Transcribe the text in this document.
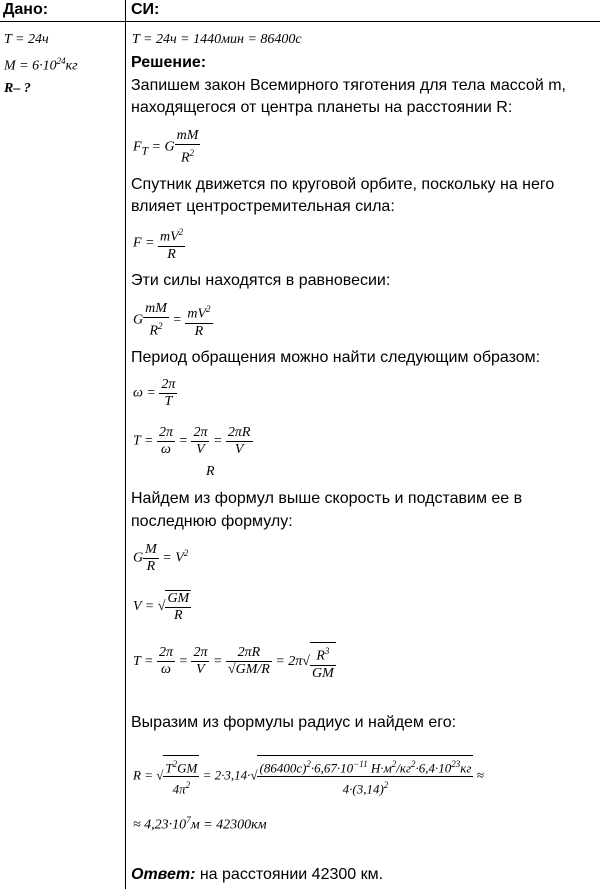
Дано:	СИ:
T = 24ч
$M = 6\cdot 10^{24}кг$
R– ?
T = 24ч = 1440мин = 86400с
Решение:
Запишем закон Всемирного тяготения для тела массой m,
находящегося от центра планеты на расстоянии R:
$F_T = G \frac{mM}{R^2}$
Спутник движется по круговой орбите, поскольку на него
влияет центростремительная сила:
$F = \frac{mV^2}{R}$
Эти силы находятся в равновесии:
G $\frac{mM}{R^2} = \frac{mV^2}{R}$
Период обращения можно найти следующим образом:
$\omega = \frac{2\pi}{T}$
$T = \frac{2\pi}{\omega} = \frac{2\pi}{V} = \frac{2\pi R}{V}$
R
Найдем из формул выше скорость и подставим ее в
последнюю формулу:
G $\frac{M}{R} = V^2$
V = √ $\frac{GM}{R}$
$T = \frac{2\pi}{\omega} = \frac{2\pi}{V} = \frac{2\pi R}{√GM/R} = 2\pi√ \frac{R^3}{GM}$
Выразим из формулы радиус и найдем его:
R = √ $\frac{T^2GM}{4\pi^2} = 2\cdot 3,14\cdot√ \frac{(86400с)^2\cdot 6,67\cdot 10^{-11} Н\cdot м^2/кг^2\cdot 6,4\cdot 10^{23}кг}{4\cdot(3,14)^2}$ ≈
≈ $4,23\cdot 10^7м = 42300км$
Ответ: на расстоянии 42300 км.
